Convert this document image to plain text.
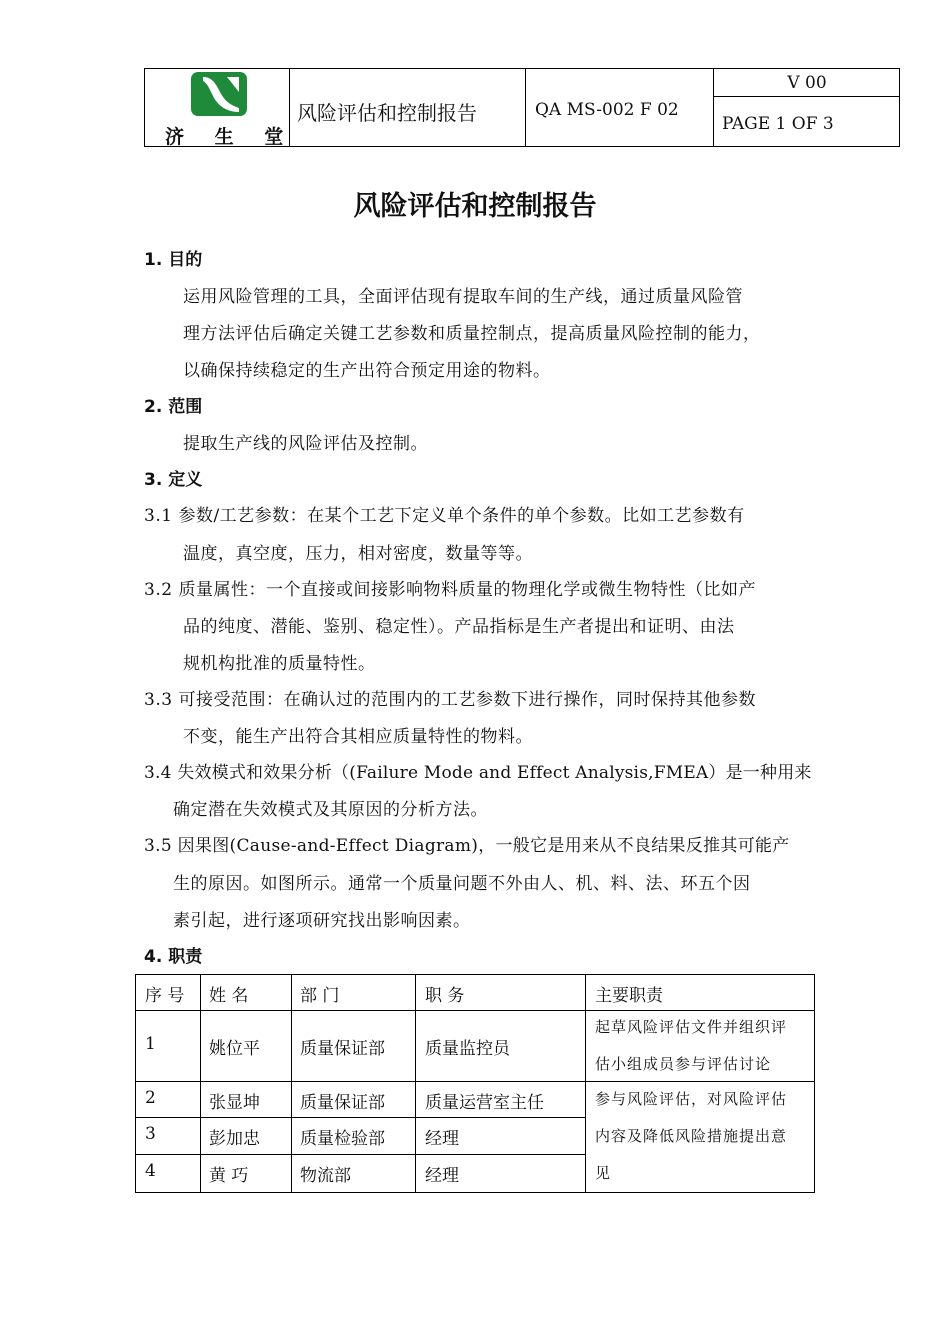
济 生 堂
风险评估和控制报告	QA MS-002 F 02
V 00
PAGE 1 OF 3
风险评估和控制报告
1. 目的
运用风险管理的工具，全面评估现有提取车间的生产线，通过质量风险管
理方法评估后确定关键工艺参数和质量控制点，提高质量风险控制的能力，
以确保持续稳定的生产出符合预定用途的物料。
2. 范围
提取生产线的风险评估及控制。
3. 定义
3.1 参数/工艺参数：在某个工艺下定义单个条件的单个参数。比如工艺参数有
温度，真空度，压力，相对密度，数量等等。
3.2 质量属性：一个直接或间接影响物料质量的物理化学或微生物特性（比如产
品的纯度、潜能、鉴别、稳定性）。产品指标是生产者提出和证明、由法
规机构批准的质量特性。
3.3 可接受范围：在确认过的范围内的工艺参数下进行操作，同时保持其他参数
不变，能生产出符合其相应质量特性的物料。
3.4 失效模式和效果分析（(Failure Mode and Effect Analysis,FMEA）是一种用来
确定潜在失效模式及其原因的分析方法。
3.5 因果图(Cause-and-Effect Diagram)，一般它是用来从不良结果反推其可能产
生的原因。如图所示。通常一个质量问题不外由人、机、料、法、环五个因
素引起，进行逐项研究找出影响因素。
4. 职责
序 号 姓 名	部 门	职 务	主要职责
1	姚位平 质量保证部 质量监控员
起草风险评估文件并组织评
估小组成员参与评估讨论
2	张显坤 质量保证部 质量运营室主任
3	彭加忠 质量检验部 经理
4	黄 巧	物流部	经理
参与风险评估，对风险评估
内容及降低风险措施提出意
见
